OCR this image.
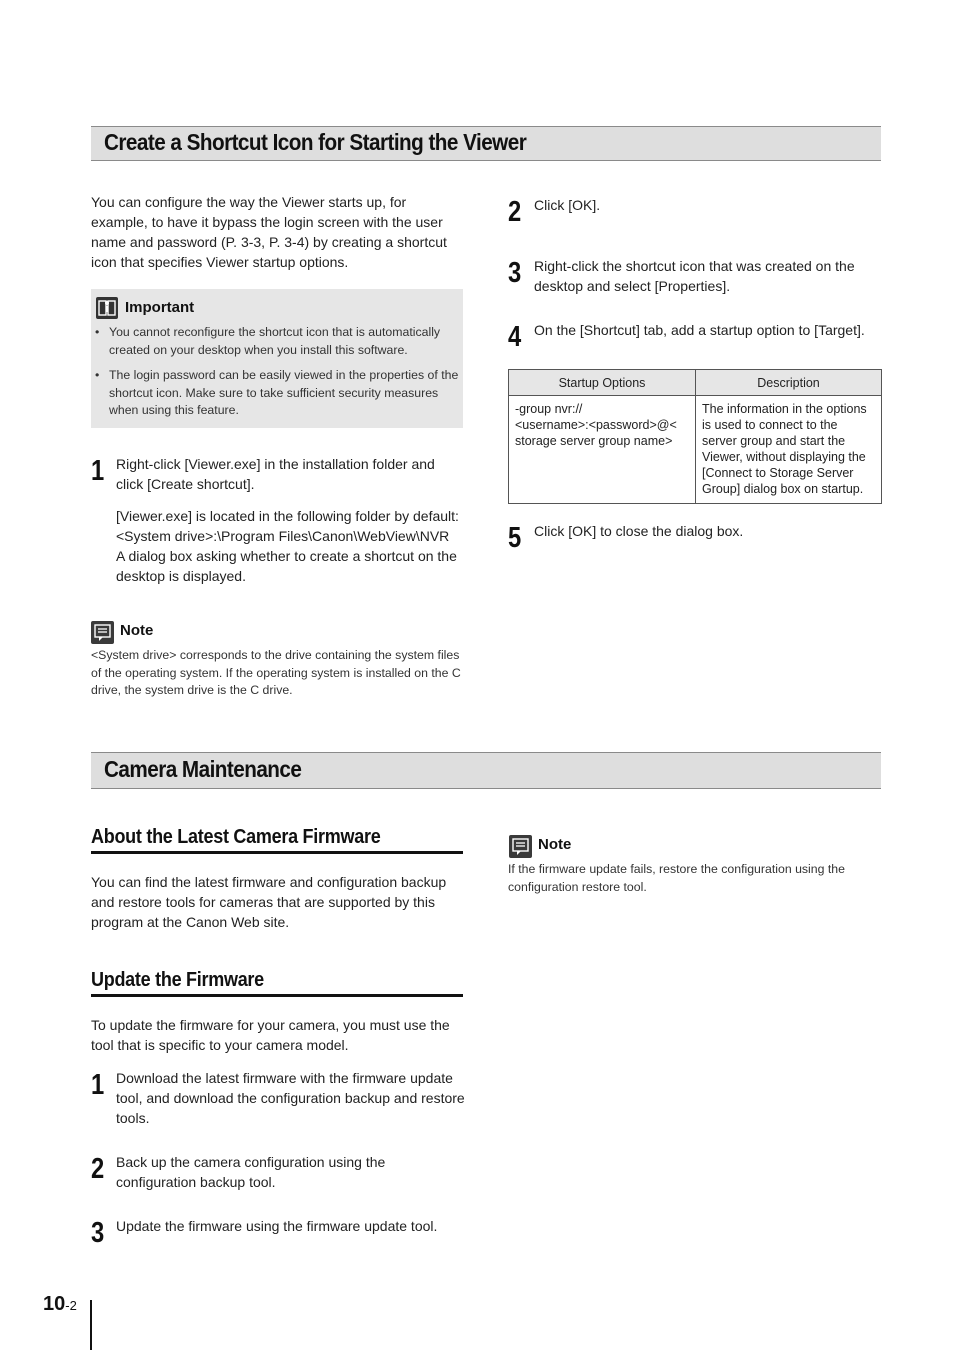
Create a Shortcut Icon for Starting the Viewer

You can configure the way the Viewer starts up, for example, to have it bypass the login screen with the user name and password (P. 3-3, P. 3-4) by creating a shortcut icon that specifies Viewer startup options.

Important
• You cannot reconfigure the shortcut icon that is automatically created on your desktop when you install this software.
• The login password can be easily viewed in the properties of the shortcut icon. Make sure to take sufficient security measures when using this feature.
1 Right-click [Viewer.exe] in the installation folder and click [Create shortcut].

[Viewer.exe] is located in the following folder by default:
<System drive>:\Program Files\Canon\WebView\NVR
A dialog box asking whether to create a shortcut on the desktop is displayed.

Note

<System drive> corresponds to the drive containing the system files of the operating system. If the operating system is installed on the C drive, the system drive is the C drive.

2 Click [OK].

3 Right-click the shortcut icon that was created on the desktop and select [Properties].

4 On the [Shortcut] tab, add a startup option to [Target].

Startup Options	Description
-group nvr://
<username>:<password>@<
storage server group name>	The information in the options is used to connect to the server group and start the Viewer, without displaying the [Connect to Storage Server Group] dialog box on startup.
5 Click [OK] to close the dialog box.

Camera Maintenance
About the Latest Camera Firmware

You can find the latest firmware and configuration backup and restore tools for cameras that are supported by this program at the Canon Web site.

Update the Firmware

To update the firmware for your camera, you must use the tool that is specific to your camera model.

1 Download the latest firmware with the firmware update tool, and download the configuration backup and restore tools.

2 Back up the camera configuration using the configuration backup tool.

3 Update the firmware using the firmware update tool.

Note

If the firmware update fails, restore the configuration using the configuration restore tool.

10-2
